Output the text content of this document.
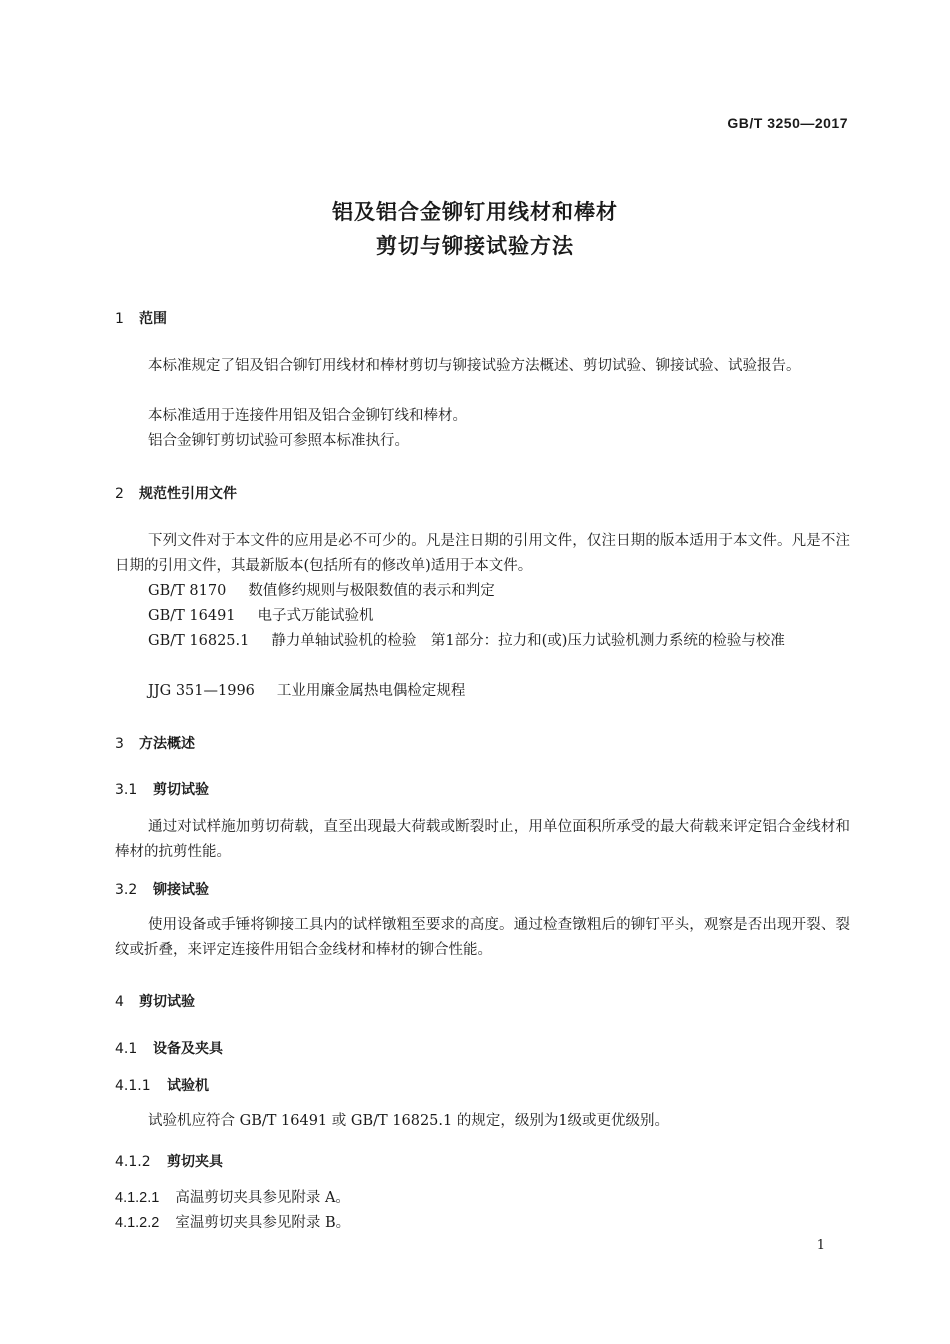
GB/T 3250—2017
铝及铝合金铆钉用线材和棒材
剪切与铆接试验方法
1 范围
本标准规定了铝及铝合铆钉用线材和棒材剪切与铆接试验方法概述、剪切试验、铆接试验、试验报告。
本标准适用于连接件用铝及铝合金铆钉线和棒材。
铝合金铆钉剪切试验可参照本标准执行。
2 规范性引用文件
下列文件对于本文件的应用是必不可少的。凡是注日期的引用文件，仅注日期的版本适用于本文件。凡是不注日期的引用文件，其最新版本(包括所有的修改单)适用于本文件。
GB/T 8170 数值修约规则与极限数值的表示和判定
GB/T 16491 电子式万能试验机
GB/T 16825.1 静力单轴试验机的检验　第1部分：拉力和(或)压力试验机测力系统的检验与校准
JJG 351—1996 工业用廉金属热电偶检定规程
3 方法概述
3.1 剪切试验
通过对试样施加剪切荷载，直至出现最大荷载或断裂时止，用单位面积所承受的最大荷载来评定铝合金线材和棒材的抗剪性能。
3.2 铆接试验
使用设备或手锤将铆接工具内的试样镦粗至要求的高度。通过检查镦粗后的铆钉平头，观察是否出现开裂、裂纹或折叠，来评定连接件用铝合金线材和棒材的铆合性能。
4 剪切试验
4.1 设备及夹具
4.1.1 试验机
试验机应符合 GB/T 16491 或 GB/T 16825.1 的规定，级别为1级或更优级别。
4.1.2 剪切夹具
4.1.2.1 高温剪切夹具参见附录 A。
4.1.2.2 室温剪切夹具参见附录 B。
1
